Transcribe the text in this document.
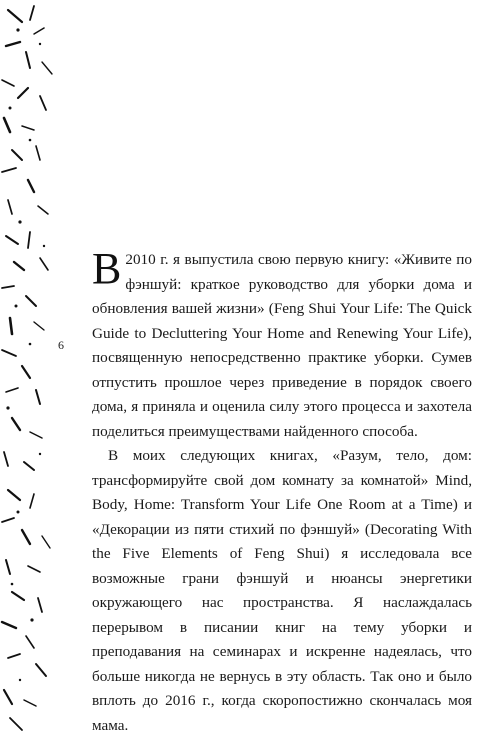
6

В 2010 г. я выпустила свою первую книгу: «Живите по фэншуй: краткое руководство для уборки дома и обновления вашей жизни» (Feng Shui Your Life: The Quick Guide to Decluttering Your Home and Renewing Your Life), посвященную непосредственно практике уборки. Сумев отпустить прошлое через приведение в порядок своего дома, я приняла и оценила силу этого процесса и захотела поделиться преимуществами найденного способа.

В моих следующих книгах, «Разум, тело, дом: трансформируйте свой дом комнату за комнатой» Mind, Body, Home: Transform Your Life One Room at a Time) и «Декорации из пяти стихий по фэншуй» (Decorating With the Five Elements of Feng Shui) я исследовала все возможные грани фэншуй и нюансы энергетики окружающего нас пространства. Я наслаждалась перерывом в писании книг на тему уборки и преподавания на семинарах и искренне надеялась, что больше никогда не вернусь в эту область. Так оно и было вплоть до 2016 г., когда скоропостижно скончалась моя мама.
